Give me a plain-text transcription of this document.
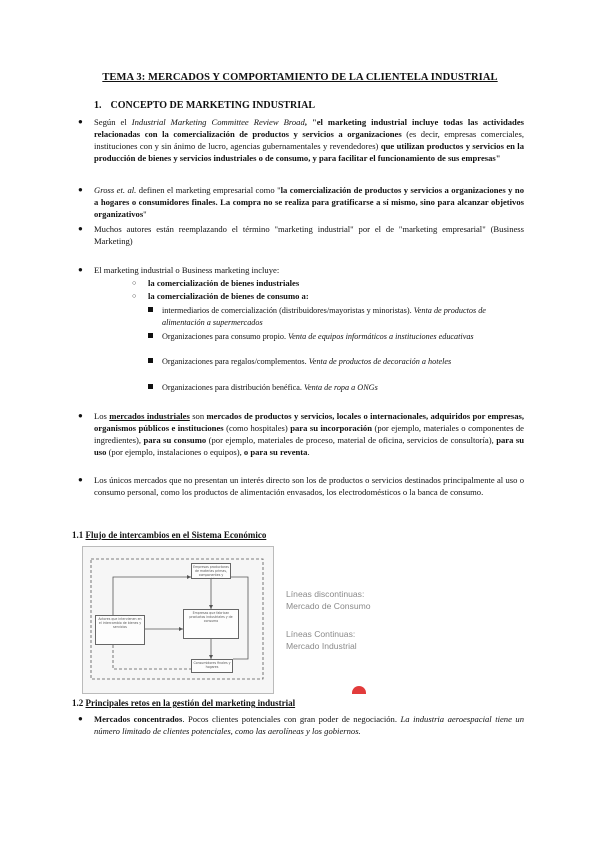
TEMA 3: MERCADOS Y COMPORTAMIENTO DE LA CLIENTELA INDUSTRIAL
1. CONCEPTO DE MARKETING INDUSTRIAL
● Según el Industrial Marketing Committee Review Broad, "el marketing industrial incluye todas las actividades relacionadas con la comercialización de productos y servicios a organizaciones (es decir, empresas comerciales, instituciones con y sin ánimo de lucro, agencias gubernamentales y revendedores) que utilizan productos y servicios en la producción de bienes y servicios industriales o de consumo, y para facilitar el funcionamiento de sus empresas"
● Gross et. al. definen el marketing empresarial como "la comercialización de productos y servicios a organizaciones y no a hogares o consumidores finales. La compra no se realiza para gratificarse a sí mismo, sino para alcanzar objetivos organizativos"
● Muchos autores están reemplazando el término "marketing industrial" por el de "marketing empresarial" (Business Marketing)
● El marketing industrial o Business marketing incluye:
○ la comercialización de bienes industriales
○ la comercialización de bienes de consumo a:
intermediarios de comercialización (distribuidores/mayoristas y minoristas). Venta de productos de alimentación a supermercados
Organizaciones para consumo propio. Venta de equipos informáticos a instituciones educativas
Organizaciones para regalos/complementos. Venta de productos de decoración a hoteles
Organizaciones para distribución benéfica. Venta de ropa a ONGs
● Los mercados industriales son mercados de productos y servicios, locales o internacionales, adquiridos por empresas, organismos públicos e instituciones (como hospitales) para su incorporación (por ejemplo, materiales o componentes de ingredientes), para su consumo (por ejemplo, materiales de proceso, material de oficina, servicios de consultoría), para su uso (por ejemplo, instalaciones o equipos), o para su reventa.
● Los únicos mercados que no presentan un interés directo son los de productos o servicios destinados principalmente al uso o consumo personal, como los productos de alimentación envasados, los electrodomésticos o la banca de consumo.
1.1 Flujo de intercambios en el Sistema Económico
Empresas productoras de materias primas, componentes y servicios
Actores que intervienen en el intercambio de bienes y servicios
Empresas que fabrican productos industriales y de consumo
Consumidores finales y hogares
Líneas discontinuas:
Mercado de Consumo
Líneas Continuas:
Mercado Industrial
1.2 Principales retos en la gestión del marketing industrial
● Mercados concentrados. Pocos clientes potenciales con gran poder de negociación. La industria aeroespacial tiene un número limitado de clientes potenciales, como las aerolíneas y los gobiernos.
